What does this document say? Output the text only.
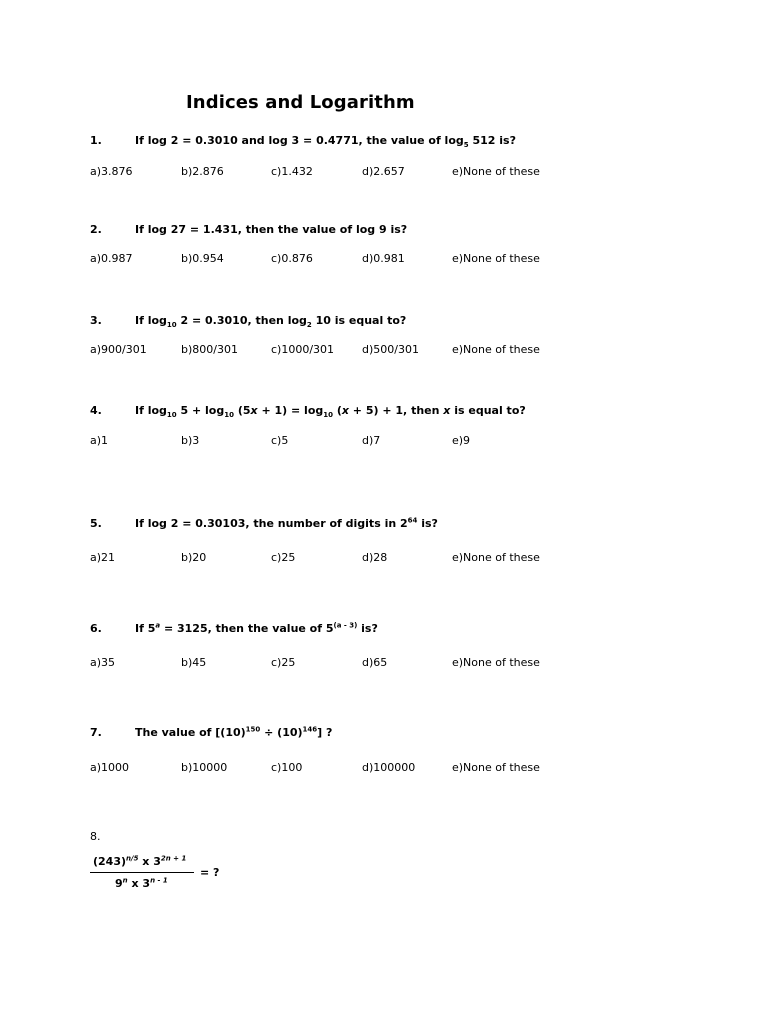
Indices and Logarithm
1.	If log 2 = 0.3010 and log 3 = 0.4771, the value of $\log_5 512$ is?
a)3.876	b)2.876	c)1.432	d)2.657	e)None of these
2.	If log 27 = 1.431, then the value of log 9 is?
a)0.987	b)0.954	c)0.876	d)0.981	e)None of these
3.	If $\log_{10} 2 = 0.3010$, then $\log_2 10$ is equal to?
a)900/301	b)800/301	c)1000/301	d)500/301	e)None of these
4.	If $\log_{10} 5 + \log_{10} (5x + 1) = \log_{10} (x + 5) + 1$, then x is equal to?
a)1	b)3	c)5	d)7	e)9
5.	If log 2 = 0.30103, the number of digits in $2^{64}$ is?
a)21	b)20	c)25	d)28	e)None of these
6.	If $5^a = 3125$, then the value of 5$^{(a - 3)}$ is?
a)35	b)45	c)25	d)65	e)None of these
7.	The value of $[(10)^{150} \div (10)^{146}]$ ?
a)1000	b)10000	c)100	d)100000	e)None of these
8.
$(243)^{n/5}$ x $3^{2n + 1}$
9$^n$ x $3^{n - 1}$
= ?
